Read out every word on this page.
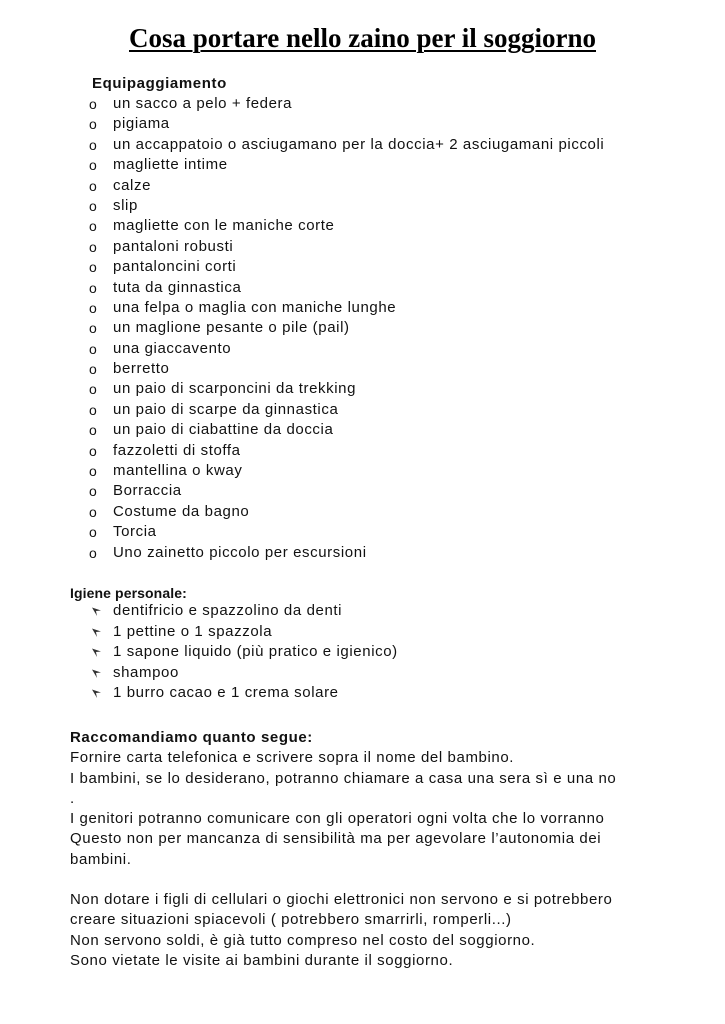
Cosa portare nello zaino per il soggiorno
Equipaggiamento
o un sacco a pelo + federa
o pigiama
o un accappatoio o asciugamano per la doccia+ 2 asciugamani piccoli
o magliette intime
o calze
o slip
o magliette con le maniche corte
o pantaloni robusti
o pantaloncini corti
o tuta da ginnastica
o una felpa o maglia con maniche lunghe
o un maglione pesante o pile (pail)
o una giaccavento
o berretto
o un paio di scarponcini da trekking
o un paio di scarpe da ginnastica
o un paio di ciabattine da doccia
o fazzoletti di stoffa
o mantellina o kway
o Borraccia
o Costume da bagno
o Torcia
o Uno zainetto piccolo per escursioni
Igiene personale:
dentifricio e spazzolino da denti
1 pettine o 1 spazzola
1 sapone liquido (più pratico e igienico)
shampoo
1 burro cacao e 1 crema solare
Raccomandiamo quanto segue:
Fornire carta telefonica e scrivere sopra il nome del bambino.
I bambini, se lo desiderano, potranno chiamare a casa una sera sì e una no
.
I genitori potranno comunicare con gli operatori ogni volta che lo vorranno
Questo non per mancanza di sensibilità ma per agevolare l’autonomia dei
bambini.
Non dotare i figli di cellulari o giochi elettronici non servono e si potrebbero
creare situazioni spiacevoli ( potrebbero smarrirli, romperli...)
Non servono soldi, è già tutto compreso nel costo del soggiorno.
Sono vietate le visite ai bambini durante il soggiorno.
